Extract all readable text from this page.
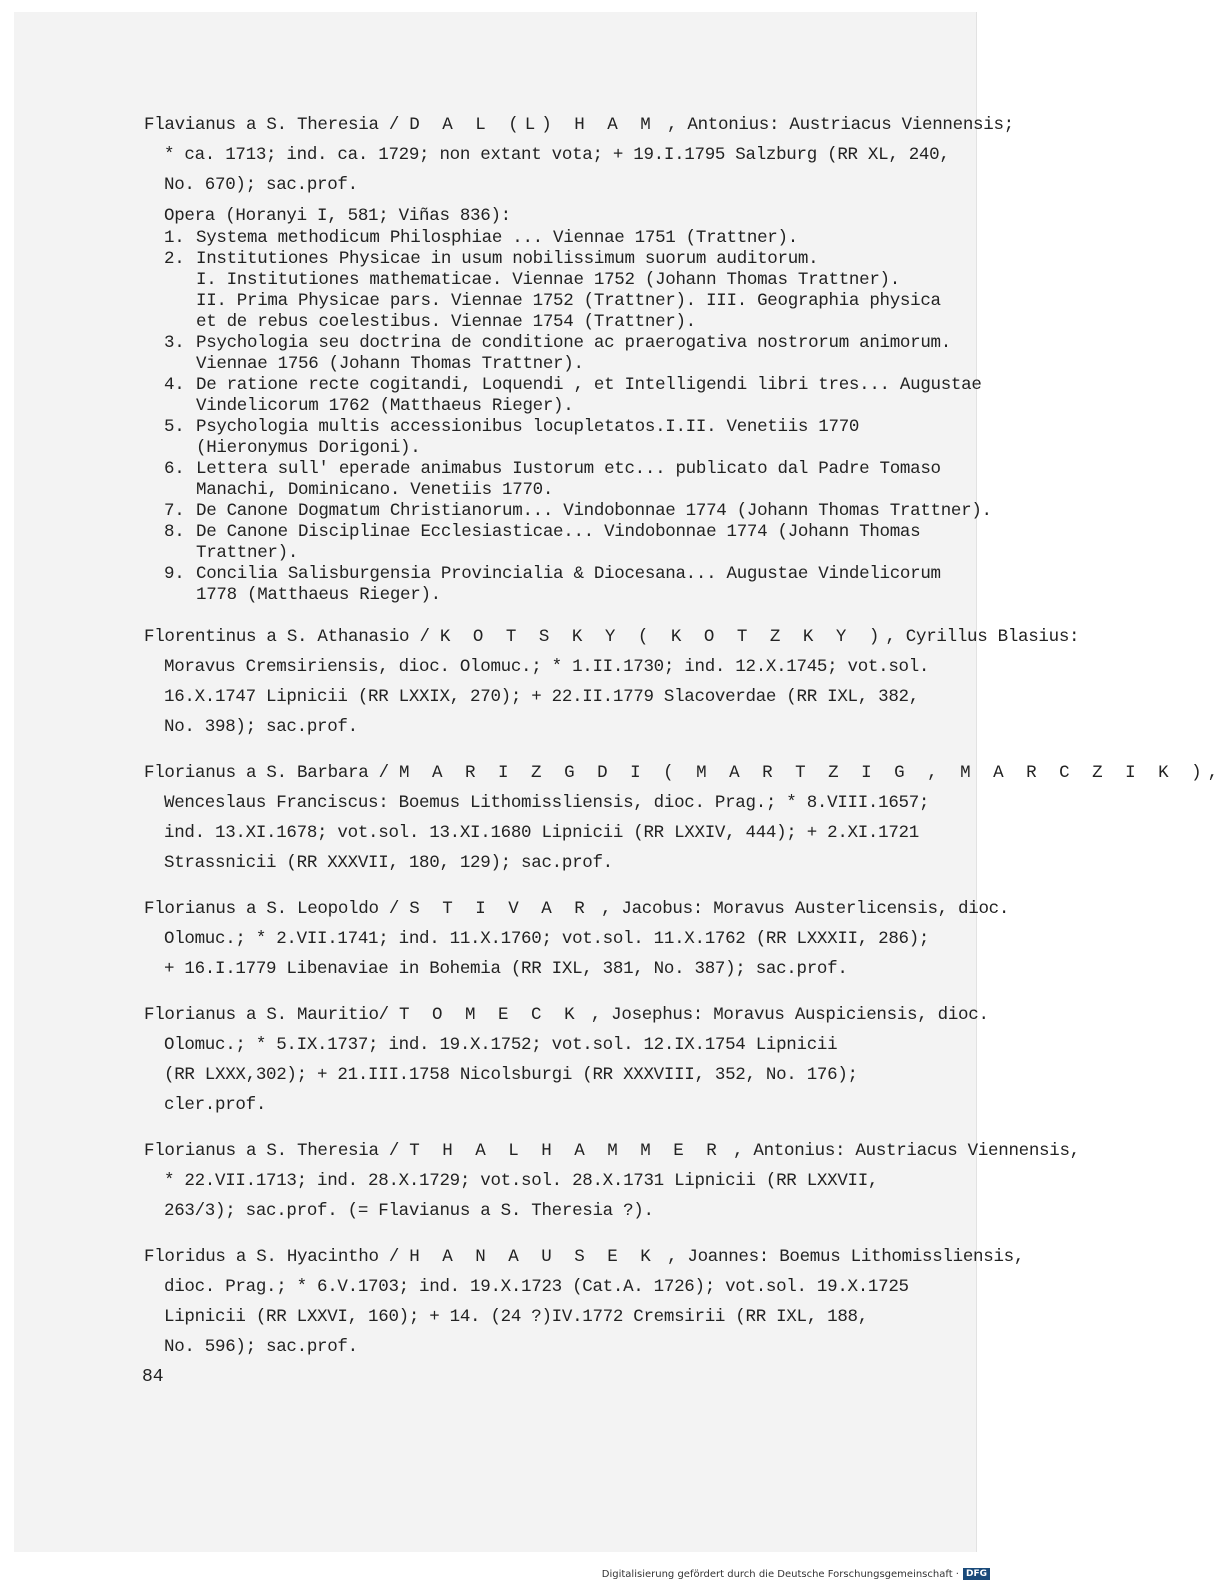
Flavianus a S. Theresia / D A L (L) H A M , Antonius: Austriacus Viennensis;
* ca. 1713; ind. ca. 1729; non extant vota; + 19.I.1795 Salzburg (RR XL, 240,
No. 670); sac.prof.
Opera (Horanyi I, 581; Viñas 836):
1. Systema methodicum Philosphiae ... Viennae 1751 (Trattner).
2. Institutiones Physicae in usum nobilissimum suorum auditorum.
I. Institutiones mathematicae. Viennae 1752 (Johann Thomas Trattner).
II. Prima Physicae pars. Viennae 1752 (Trattner). III. Geographia physica
et de rebus coelestibus. Viennae 1754 (Trattner).
3. Psychologia seu doctrina de conditione ac praerogativa nostrorum animorum.
Viennae 1756 (Johann Thomas Trattner).
4. De ratione recte cogitandi, Loquendi , et Intelligendi libri tres... Augustae
Vindelicorum 1762 (Matthaeus Rieger).
5. Psychologia multis accessionibus locupletatos.I.II. Venetiis 1770
(Hieronymus Dorigoni).
6. Lettera sull' eperade animabus Iustorum etc... publicato dal Padre Tomaso
Manachi, Dominicano. Venetiis 1770.
7. De Canone Dogmatum Christianorum... Vindobonnae 1774 (Johann Thomas Trattner).
8. De Canone Disciplinae Ecclesiasticae... Vindobonnae 1774 (Johann Thomas
Trattner).
9. Concilia Salisburgensia Provincialia & Diocesana... Augustae Vindelicorum
1778 (Matthaeus Rieger).
Florentinus a S. Athanasio / K O T S K Y ( K O T Z K Y ), Cyrillus Blasius:
Moravus Cremsiriensis, dioc. Olomuc.; * 1.II.1730; ind. 12.X.1745; vot.sol.
16.X.1747 Lipnicii (RR LXXIX, 270); + 22.II.1779 Slacoverdae (RR IXL, 382,
No. 398); sac.prof.
Florianus a S. Barbara / M A R I Z G D I ( M A R T Z I G , M A R C Z I K ),
Wenceslaus Franciscus: Boemus Lithomissliensis, dioc. Prag.; * 8.VIII.1657;
ind. 13.XI.1678; vot.sol. 13.XI.1680 Lipnicii (RR LXXIV, 444); + 2.XI.1721
Strassnicii (RR XXXVII, 180, 129); sac.prof.
Florianus a S. Leopoldo / S T I V A R , Jacobus: Moravus Austerlicensis, dioc.
Olomuc.; * 2.VII.1741; ind. 11.X.1760; vot.sol. 11.X.1762 (RR LXXXII, 286);
+ 16.I.1779 Libenaviae in Bohemia (RR IXL, 381, No. 387); sac.prof.
Florianus a S. Mauritio/ T O M E C K , Josephus: Moravus Auspiciensis, dioc.
Olomuc.; * 5.IX.1737; ind. 19.X.1752; vot.sol. 12.IX.1754 Lipnicii
(RR LXXX,302); + 21.III.1758 Nicolsburgi (RR XXXVIII, 352, No. 176);
cler.prof.
Florianus a S. Theresia / T H A L H A M M E R , Antonius: Austriacus Viennensis,
* 22.VII.1713; ind. 28.X.1729; vot.sol. 28.X.1731 Lipnicii (RR LXXVII,
263/3); sac.prof. (= Flavianus a S. Theresia ?).
Floridus a S. Hyacintho / H A N A U S E K , Joannes: Boemus Lithomissliensis,
dioc. Prag.; * 6.V.1703; ind. 19.X.1723 (Cat.A. 1726); vot.sol. 19.X.1725
Lipnicii (RR LXXVI, 160); + 14. (24 ?)IV.1772 Cremsirii (RR IXL, 188,
No. 596); sac.prof.
84
Digitalisierung gefördert durch die Deutsche Forschungsgemeinschaft · DFG
